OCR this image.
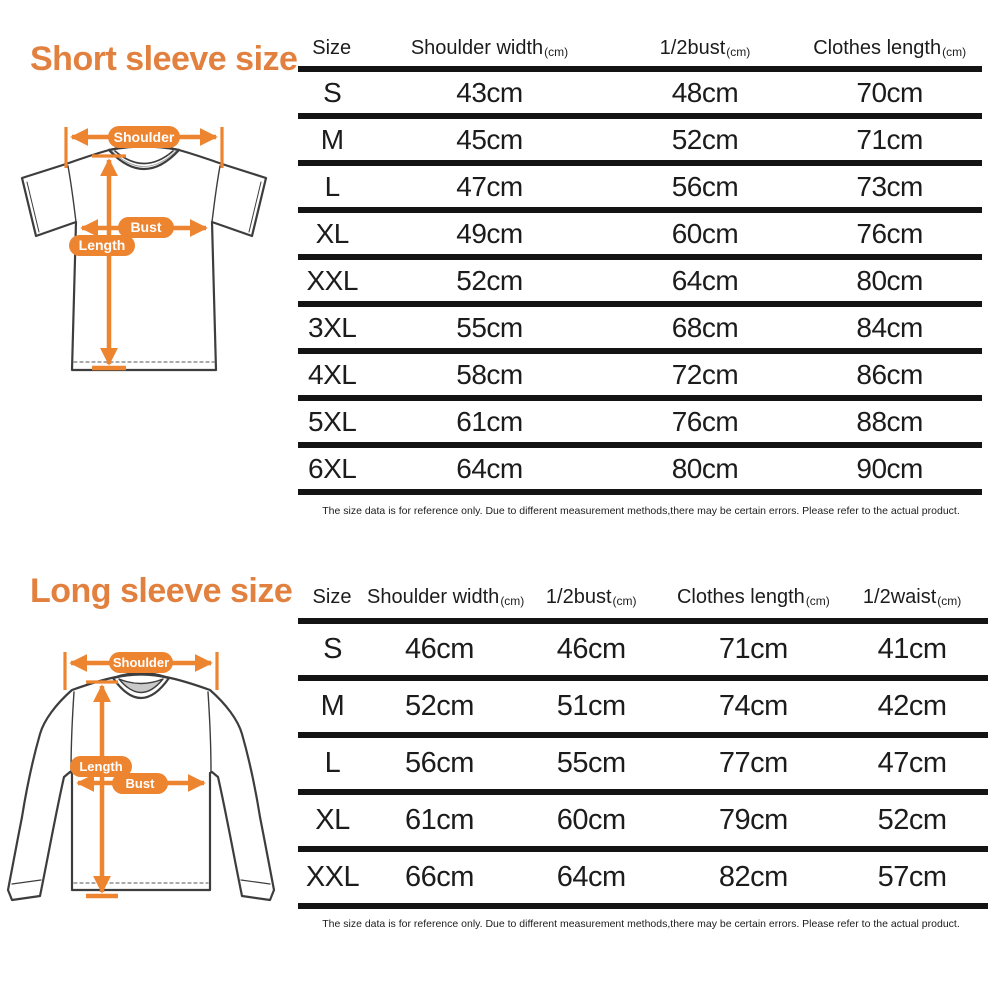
Short sleeve size
Shoulder
Bust
Length
Size	Shoulder width(cm)	1/2bust(cm)	Clothes length(cm)
S	43cm	48cm	70cm
M	45cm	52cm	71cm
L	47cm	56cm	73cm
XL	49cm	60cm	76cm
XXL	52cm	64cm	80cm
3XL	55cm	68cm	84cm
4XL	58cm	72cm	86cm
5XL	61cm	76cm	88cm
6XL	64cm	80cm	90cm

The size data is for reference only. Due to different measurement methods,there may be certain errors. Please refer to the actual product.

Long sleeve size
Shoulder
Length
Bust
Size	Shoulder width(cm)	1/2bust(cm)	Clothes length(cm)	1/2waist(cm)
S	46cm	46cm	71cm	41cm
M	52cm	51cm	74cm	42cm
L	56cm	55cm	77cm	47cm
XL	61cm	60cm	79cm	52cm
XXL	66cm	64cm	82cm	57cm

The size data is for reference only. Due to different measurement methods,there may be certain errors. Please refer to the actual product.
